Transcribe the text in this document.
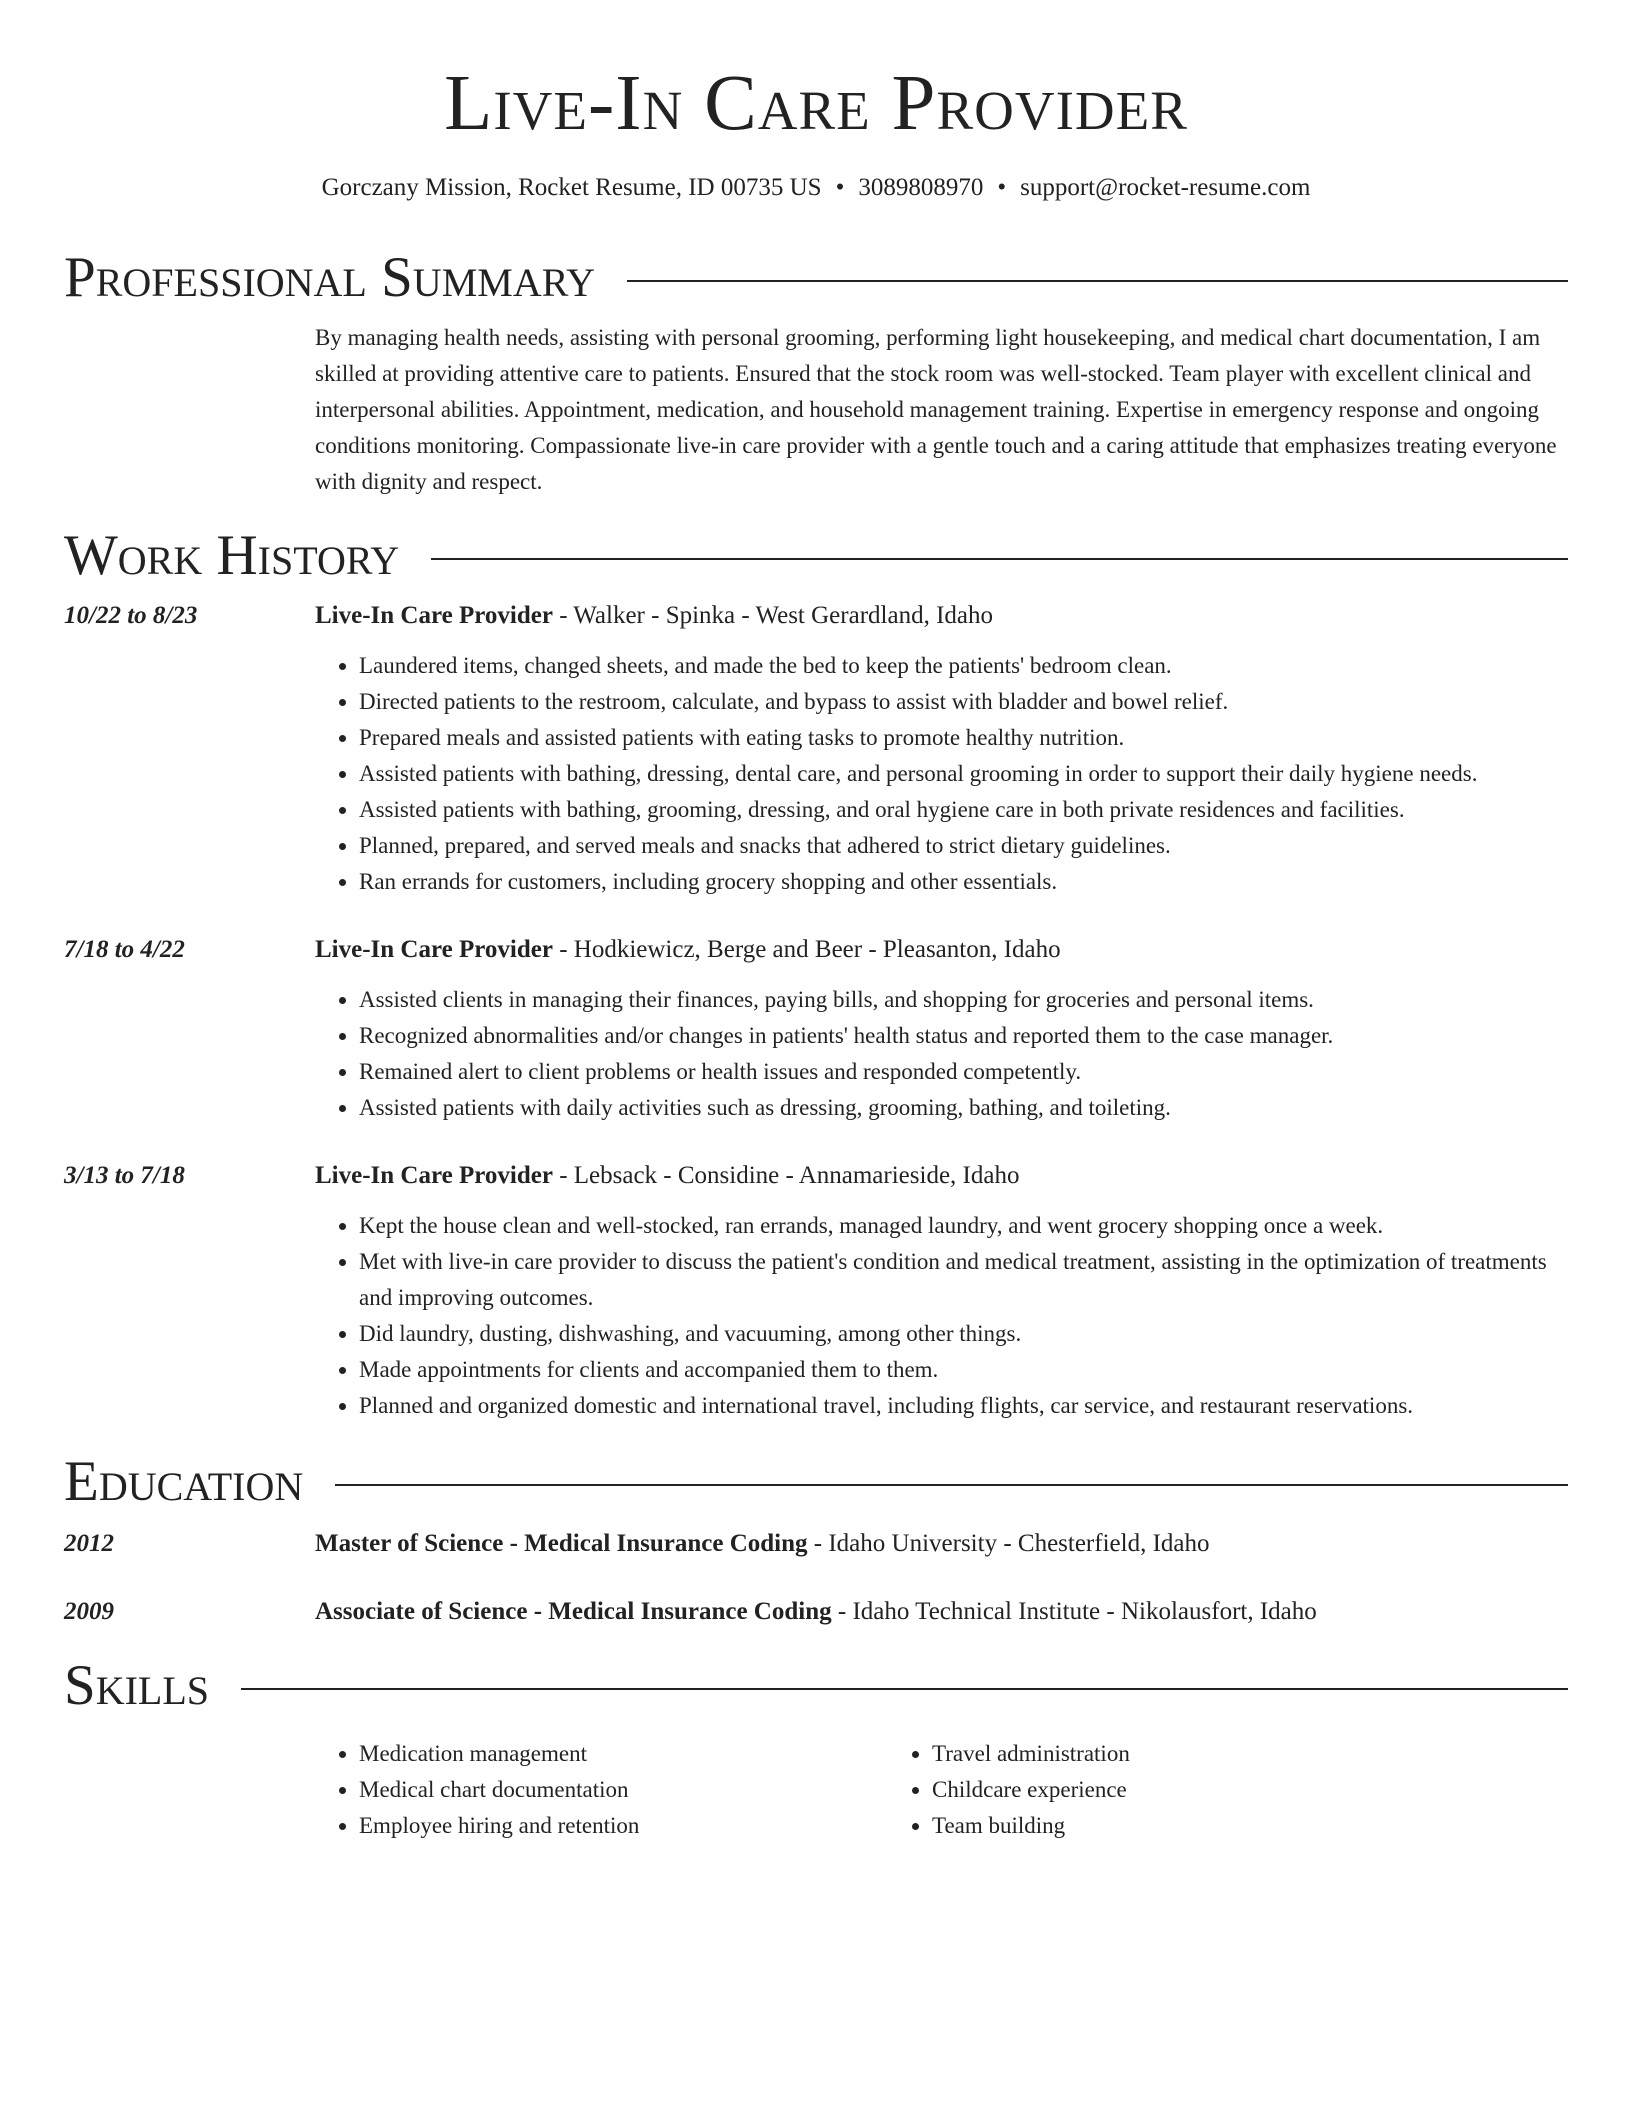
Live-In Care Provider
Gorczany Mission, Rocket Resume, ID 00735 US • 3089808970 • support@rocket-resume.com
Professional Summary

By managing health needs, assisting with personal grooming, performing light housekeeping, and medical chart documentation, I am skilled at providing attentive care to patients. Ensured that the stock room was well-stocked. Team player with excellent clinical and interpersonal abilities. Appointment, medication, and household management training. Expertise in emergency response and ongoing conditions monitoring. Compassionate live-in care provider with a gentle touch and a caring attitude that emphasizes treating everyone with dignity and respect.

Work History
10/22 to 8/23	Live-In Care Provider - Walker - Spinka - West Gerardland, Idaho
• Laundered items, changed sheets, and made the bed to keep the patients' bedroom clean.
• Directed patients to the restroom, calculate, and bypass to assist with bladder and bowel relief.
• Prepared meals and assisted patients with eating tasks to promote healthy nutrition.
• Assisted patients with bathing, dressing, dental care, and personal grooming in order to support their daily hygiene needs.
• Assisted patients with bathing, grooming, dressing, and oral hygiene care in both private residences and facilities.
• Planned, prepared, and served meals and snacks that adhered to strict dietary guidelines.
• Ran errands for customers, including grocery shopping and other essentials.
7/18 to 4/22	Live-In Care Provider - Hodkiewicz, Berge and Beer - Pleasanton, Idaho
• Assisted clients in managing their finances, paying bills, and shopping for groceries and personal items.
• Recognized abnormalities and/or changes in patients' health status and reported them to the case manager.
• Remained alert to client problems or health issues and responded competently.
• Assisted patients with daily activities such as dressing, grooming, bathing, and toileting.
3/13 to 7/18	Live-In Care Provider - Lebsack - Considine - Annamarieside, Idaho
• Kept the house clean and well-stocked, ran errands, managed laundry, and went grocery shopping once a week.
• Met with live-in care provider to discuss the patient's condition and medical treatment, assisting in the optimization of treatments and improving outcomes.
• Did laundry, dusting, dishwashing, and vacuuming, among other things.
• Made appointments for clients and accompanied them to them.
• Planned and organized domestic and international travel, including flights, car service, and restaurant reservations.
Education
2012	Master of Science - Medical Insurance Coding - Idaho University - Chesterfield, Idaho
2009	Associate of Science - Medical Insurance Coding - Idaho Technical Institute - Nikolausfort, Idaho
Skills
• Medication management
• Medical chart documentation
• Employee hiring and retention
• Travel administration
• Childcare experience
• Team building
